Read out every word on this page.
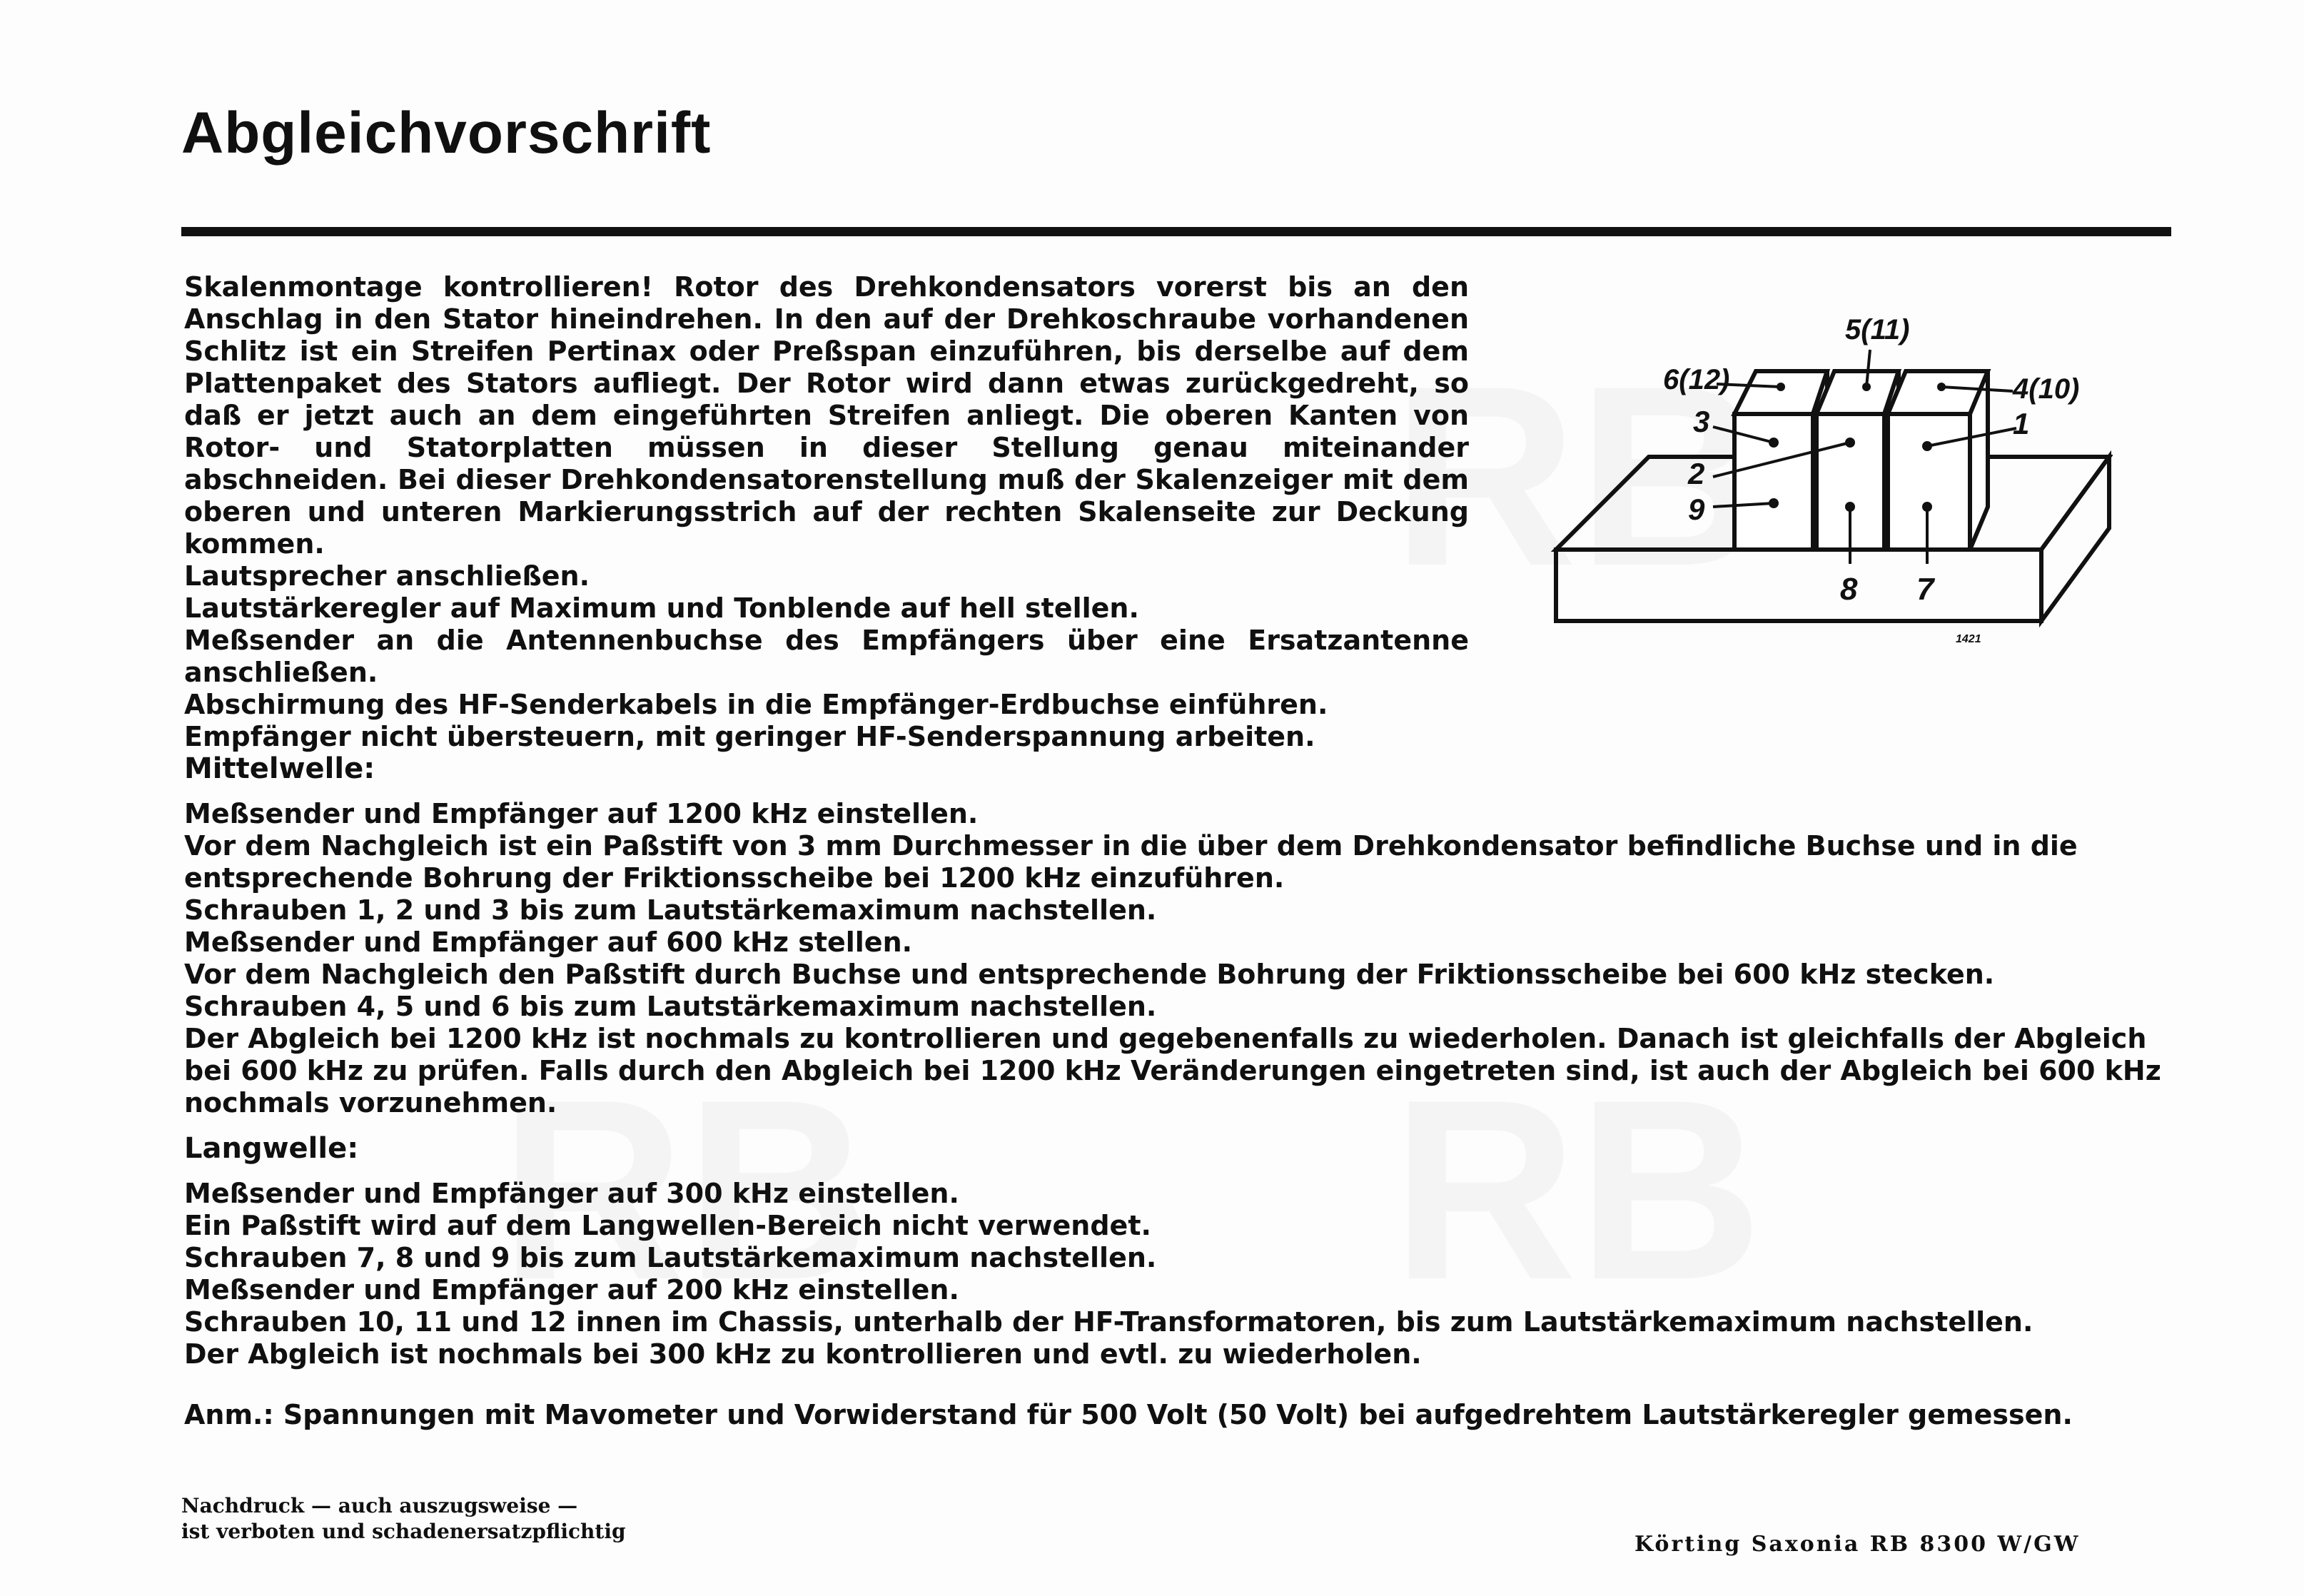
Abgleichvorschrift

Skalenmontage kontrollieren! Rotor des Drehkondensators vorerst bis an den Anschlag in den Stator hineindrehen. In den auf der Drehkoschraube vorhandenen Schlitz ist ein Streifen Pertinax oder Preßspan einzuführen, bis derselbe auf dem Plattenpaket des Stators aufliegt. Der Rotor wird dann etwas zurückgedreht, so daß er jetzt auch an dem eingeführten Streifen anliegt. Die oberen Kanten von Rotor- und Statorplatten müssen in dieser Stellung genau miteinander abschneiden. Bei dieser Drehkondensatorenstellung muß der Skalenzeiger mit dem oberen und unteren Markierungsstrich auf der rechten Skalenseite zur Deckung kommen.

Lautsprecher anschließen.

Lautstärkeregler auf Maximum und Tonblende auf hell stellen.

Meßsender an die Antennenbuchse des Empfängers über eine Ersatzantenne anschließen.

Abschirmung des HF-Senderkabels in die Empfänger-Erdbuchse einführen.

Empfänger nicht übersteuern, mit geringer HF-Senderspannung arbeiten.

5(11)
6(12)	4(10)
3	1
2
9
8 7
1421
Mittelwelle:

Meßsender und Empfänger auf 1200 kHz einstellen.

Vor dem Nachgleich ist ein Paßstift von 3 mm Durchmesser in die über dem Drehkondensator befindliche Buchse und in die entsprechende Bohrung der Friktionsscheibe bei 1200 kHz einzuführen.

Schrauben 1, 2 und 3 bis zum Lautstärkemaximum nachstellen.

Meßsender und Empfänger auf 600 kHz stellen.

Vor dem Nachgleich den Paßstift durch Buchse und entsprechende Bohrung der Friktionsscheibe bei 600 kHz stecken.

Schrauben 4, 5 und 6 bis zum Lautstärkemaximum nachstellen.

Der Abgleich bei 1200 kHz ist nochmals zu kontrollieren und gegebenenfalls zu wiederholen. Danach ist gleichfalls der Abgleich bei 600 kHz zu prüfen. Falls durch den Abgleich bei 1200 kHz Veränderungen eingetreten sind, ist auch der Abgleich bei 600 kHz nochmals vorzunehmen.

Langwelle:

Meßsender und Empfänger auf 300 kHz einstellen.

Ein Paßstift wird auf dem Langwellen-Bereich nicht verwendet.

Schrauben 7, 8 und 9 bis zum Lautstärkemaximum nachstellen.

Meßsender und Empfänger auf 200 kHz einstellen.

Schrauben 10, 11 und 12 innen im Chassis, unterhalb der HF-Transformatoren, bis zum Lautstärkemaximum nachstellen.

Der Abgleich ist nochmals bei 300 kHz zu kontrollieren und evtl. zu wiederholen.

Anm.: Spannungen mit Mavometer und Vorwiderstand für 500 Volt (50 Volt) bei aufgedrehtem Lautstärkeregler gemessen.

Nachdruck — auch auszugsweise —

ist verboten und schadenersatzpflichtig

Körting Saxonia RB 8300 W/GW
